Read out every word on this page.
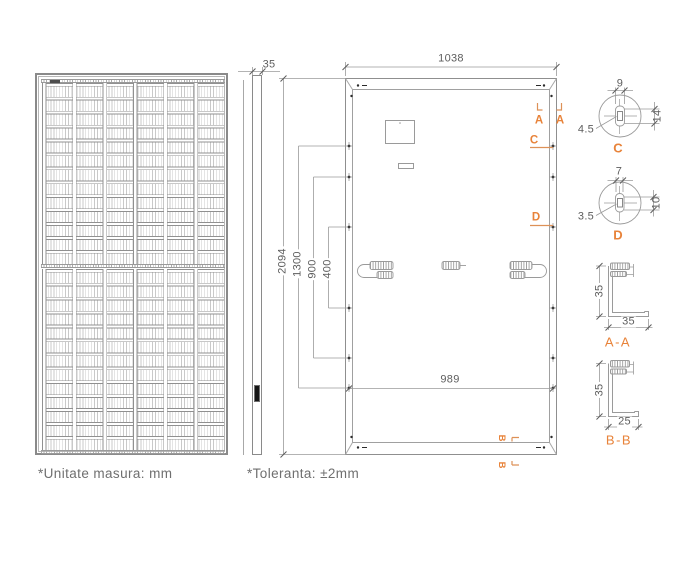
35	1038
2094 1300 900 400
989
A A
C
D
B
B
9
14
4.5
C
7
10
3.5
D
35
35
A-A
35
25
B-B
*Unitate masura: mm	*Toleranta: ±2mm
